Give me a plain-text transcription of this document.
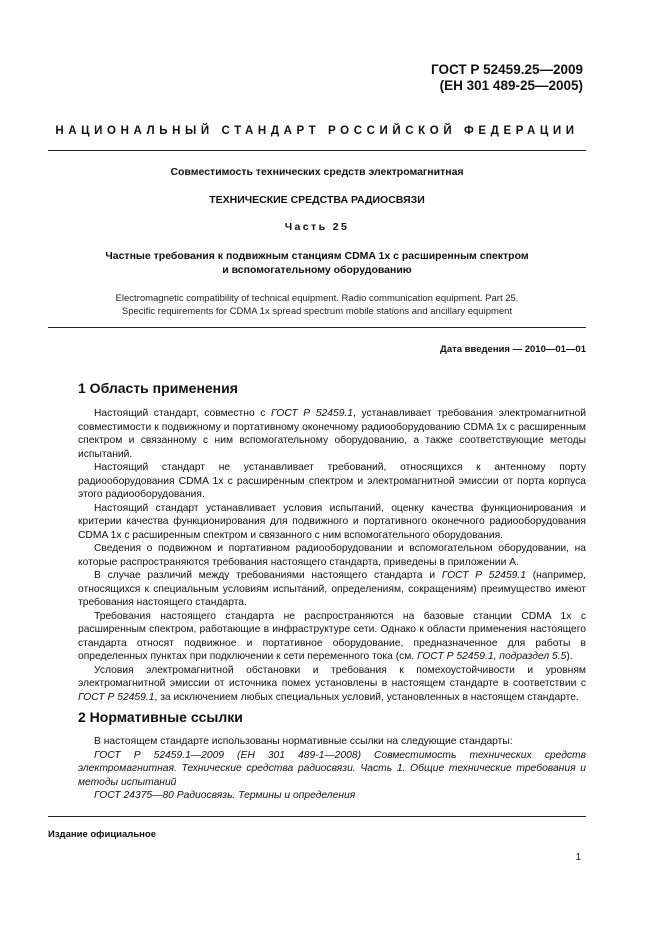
ГОСТ Р 52459.25—2009
(ЕН 301 489-25—2005)
НАЦИОНАЛЬНЫЙ СТАНДАРТ РОССИЙСКОЙ ФЕДЕРАЦИИ
Совместимость технических средств электромагнитная
ТЕХНИЧЕСКИЕ СРЕДСТВА РАДИОСВЯЗИ
Часть 25
Частные требования к подвижным станциям CDMA 1x с расширенным спектром
и вспомогательному оборудованию
Electromagnetic compatibility of technical equipment. Radio communication equipment. Part 25.
Specific requirements for CDMA 1x spread spectrum mobile stations and ancillary equipment
Дата введения — 2010—01—01
1 Область применения

Настоящий стандарт, совместно с ГОСТ Р 52459.1, устанавливает требования электромагнитной совместимости к подвижному и портативному оконечному радиооборудованию CDMA 1x с расширенным спектром и связанному с ним вспомогательному оборудованию, а также соответствующие методы испытаний.

Настоящий стандарт не устанавливает требований, относящихся к антенному порту радиооборудования CDMA 1x с расширенным спектром и электромагнитной эмиссии от порта корпуса этого радиооборудования.

Настоящий стандарт устанавливает условия испытаний, оценку качества функционирования и критерии качества функционирования для подвижного и портативного оконечного радиооборудования CDMA 1x с расширенным спектром и связанного с ним вспомогательного оборудования.

Сведения о подвижном и портативном радиооборудовании и вспомогательном оборудовании, на которые распространяются требования настоящего стандарта, приведены в приложении А.

В случае различий между требованиями настоящего стандарта и ГОСТ Р 52459.1 (например, относящихся к специальным условиям испытаний, определениям, сокращениям) преимущество имеют требования настоящего стандарта.

Требования настоящего стандарта не распространяются на базовые станции CDMA 1x с расширенным спектром, работающие в инфраструктуре сети. Однако к области применения настоящего стандарта относят подвижное и портативное оборудование, предназначенное для работы в определенных пунктах при подключении к сети переменного тока (см. ГОСТ Р 52459.1, подраздел 5.5).

Условия электромагнитной обстановки и требования к помехоустойчивости и уровням электромагнитной эмиссии от источника помех установлены в настоящем стандарте в соответствии с ГОСТ Р 52459.1, за исключением любых специальных условий, установленных в настоящем стандарте.

2 Нормативные ссылки

В настоящем стандарте использованы нормативные ссылки на следующие стандарты:

ГОСТ Р 52459.1—2009 (ЕН 301 489-1—2008) Совместимость технических средств электромагнитная. Технические средства радиосвязи. Часть 1. Общие технические требования и методы испытаний

ГОСТ 24375—80 Радиосвязь. Термины и определения

Издание официальное
1
